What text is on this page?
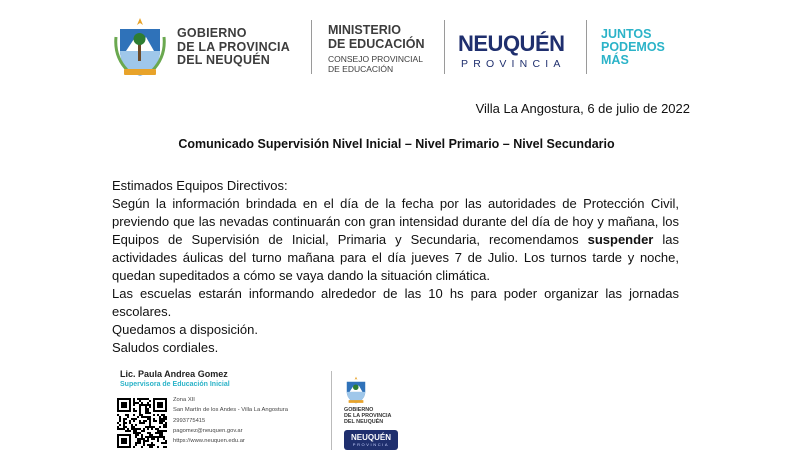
GOBIERNO
DE LA PROVINCIA
DEL NEUQUÉN
MINISTERIO
DE EDUCACIÓN
CONSEJO PROVINCIAL
DE EDUCACIÓN
NEUQUÉN
PROVINCIA
JUNTOS
PODEMOS
MÁS
Villa La Angostura, 6 de julio de 2022
Comunicado Supervisión Nivel Inicial – Nivel Primario – Nivel Secundario

Estimados Equipos Directivos:

Según la información brindada en el día de la fecha por las autoridades de Protección Civil, previendo que las nevadas continuarán con gran intensidad durante del día de hoy y mañana, los Equipos de Supervisión de Inicial, Primaria y Secundaria, recomendamos suspender las actividades áulicas del turno mañana para el día jueves 7 de Julio. Los turnos tarde y noche, quedan supeditados a cómo se vaya dando la situación climática.

Las escuelas estarán informando alrededor de las 10 hs para poder organizar las jornadas escolares.

Quedamos a disposición.

Saludos cordiales.

Lic. Paula Andrea Gomez
Supervisora de Educación Inicial
Zona XII
San Martín de los Andes - Villa La Angostura
2993775415
pagomez@neuquen.gov.ar
https://www.neuquen.edu.ar
GOBIERNO
DE LA PROVINCIA
DEL NEUQUÉN
NEUQUÉN
PROVINCIA
